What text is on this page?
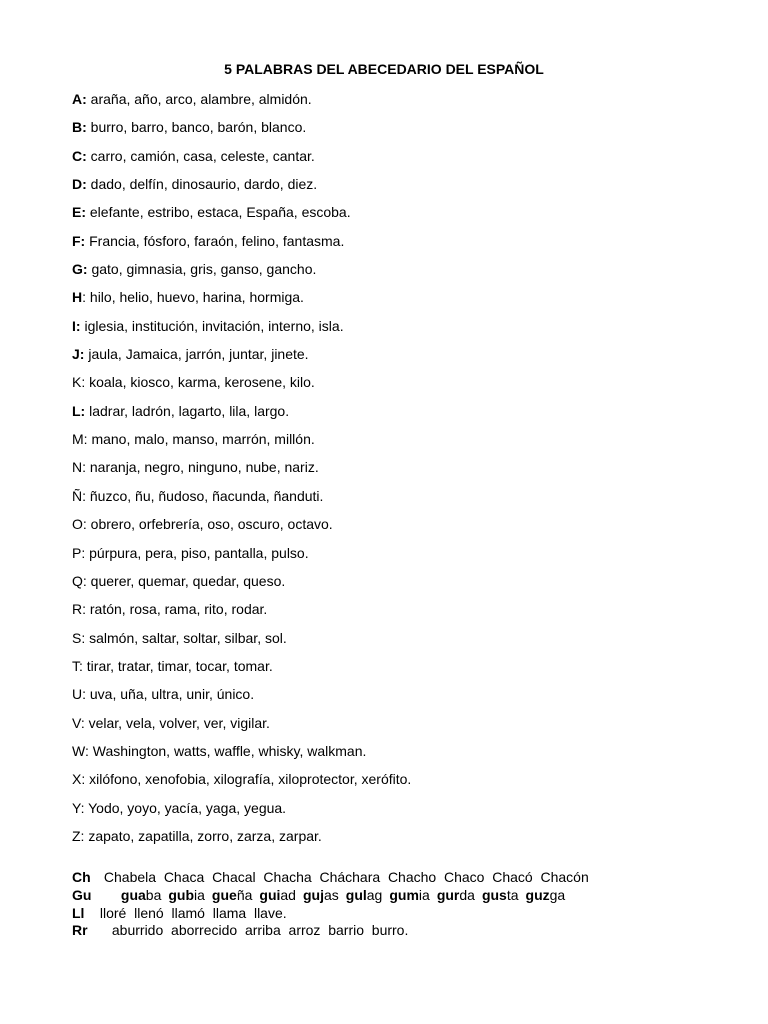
5 PALABRAS DEL ABECEDARIO DEL ESPAÑOL
A: araña, año, arco, alambre, almidón.
B: burro, barro, banco, barón, blanco.
C: carro, camión, casa, celeste, cantar.
D: dado, delfín, dinosaurio, dardo, diez.
E: elefante, estribo, estaca, España, escoba.
F: Francia, fósforo, faraón, felino, fantasma.
G: gato, gimnasia, gris, ganso, gancho.
H: hilo, helio, huevo, harina, hormiga.
I: iglesia, institución, invitación, interno, isla.
J: jaula, Jamaica, jarrón, juntar, jinete.
K: koala, kiosco, karma, kerosene, kilo.
L: ladrar, ladrón, lagarto, lila, largo.
M: mano, malo, manso, marrón, millón.
N: naranja, negro, ninguno, nube, nariz.
Ñ: ñuzco, ñu, ñudoso, ñacunda, ñanduti.
O: obrero, orfebrería, oso, oscuro, octavo.
P: púrpura, pera, piso, pantalla, pulso.
Q: querer, quemar, quedar, queso.
R: ratón, rosa, rama, rito, rodar.
S: salmón, saltar, soltar, silbar, sol.
T: tirar, tratar, timar, tocar, tomar.
U: uva, uña, ultra, unir, único.
V: velar, vela, volver, ver, vigilar.
W: Washington, watts, waffle, whisky, walkman.
X: xilófono, xenofobia, xilografía, xiloprotector, xerófito.
Y: Yodo, yoyo, yacía, yaga, yegua.
Z: zapato, zapatilla, zorro, zarza, zarpar.
Ch Chabela  Chaca  Chacal  Chacha  Cháchara  Chacho  Chaco  Chacó  Chacón
Gu guaba gubia gueña guiad gujas gulag gumia gurda gusta guzga
Ll lloré  llenó  llamó  llama  llave.
Rr aburrido  aborrecido  arriba  arroz  barrio  burro.
